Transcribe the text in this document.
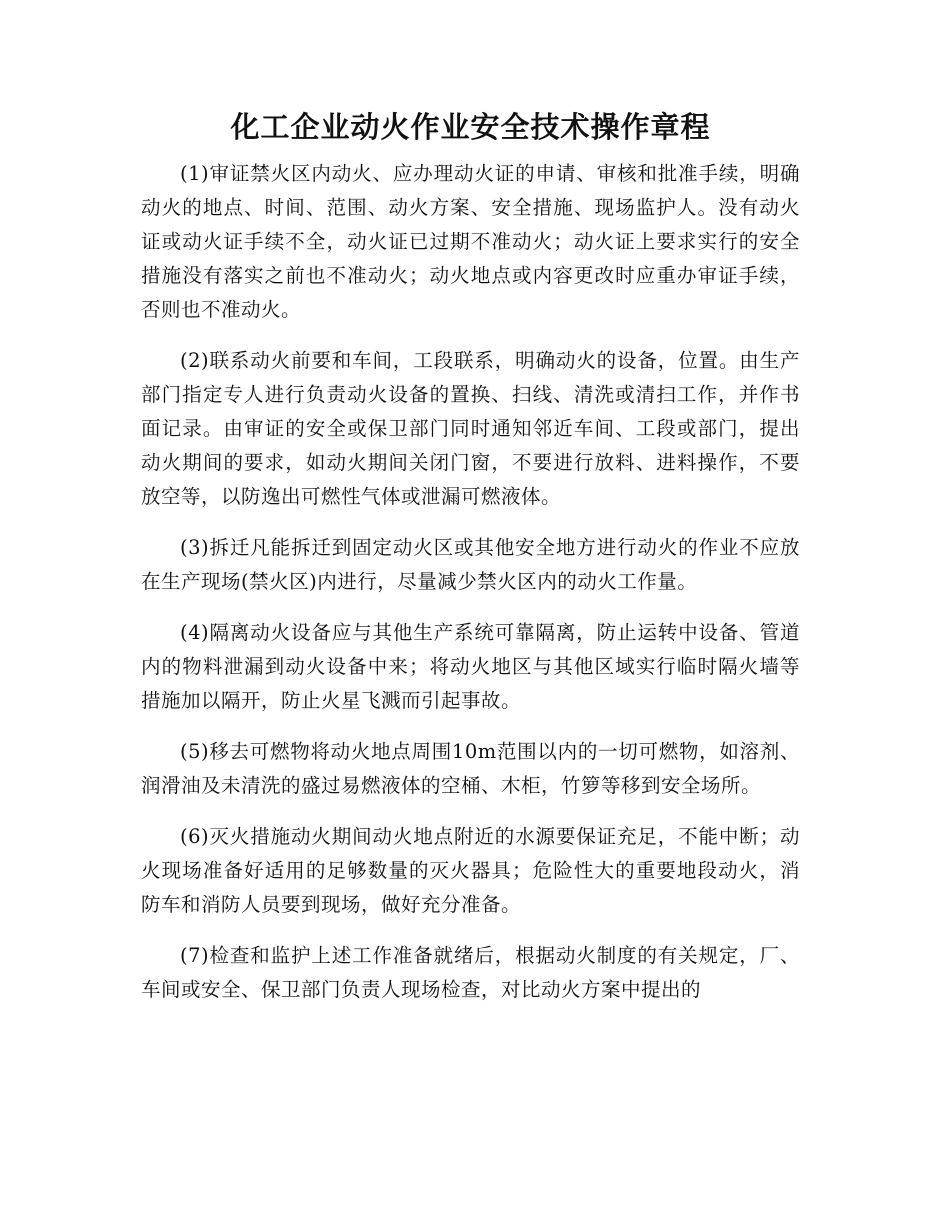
化工企业动火作业安全技术操作章程

(1)审证禁火区内动火、应办理动火证的申请、审核和批准手续，明确动火的地点、时间、范围、动火方案、安全措施、现场监护人。没有动火证或动火证手续不全，动火证已过期不准动火；动火证上要求实行的安全措施没有落实之前也不准动火；动火地点或内容更改时应重办审证手续，否则也不准动火。

(2)联系动火前要和车间，工段联系，明确动火的设备，位置。由生产部门指定专人进行负责动火设备的置换、扫线、清洗或清扫工作，并作书面记录。由审证的安全或保卫部门同时通知邻近车间、工段或部门，提出动火期间的要求，如动火期间关闭门窗，不要进行放料、进料操作，不要放空等，以防逸出可燃性气体或泄漏可燃液体。

(3)拆迁凡能拆迁到固定动火区或其他安全地方进行动火的作业不应放在生产现场(禁火区)内进行，尽量减少禁火区内的动火工作量。

(4)隔离动火设备应与其他生产系统可靠隔离，防止运转中设备、管道内的物料泄漏到动火设备中来；将动火地区与其他区域实行临时隔火墙等措施加以隔开，防止火星飞溅而引起事故。

(5)移去可燃物将动火地点周围10m范围以内的一切可燃物，如溶剂、润滑油及未清洗的盛过易燃液体的空桶、木柜，竹箩等移到安全场所。

(6)灭火措施动火期间动火地点附近的水源要保证充足，不能中断；动火现场准备好适用的足够数量的灭火器具；危险性大的重要地段动火，消防车和消防人员要到现场，做好充分准备。

(7)检查和监护上述工作准备就绪后，根据动火制度的有关规定，厂、车间或安全、保卫部门负责人现场检查，对比动火方案中提出的
